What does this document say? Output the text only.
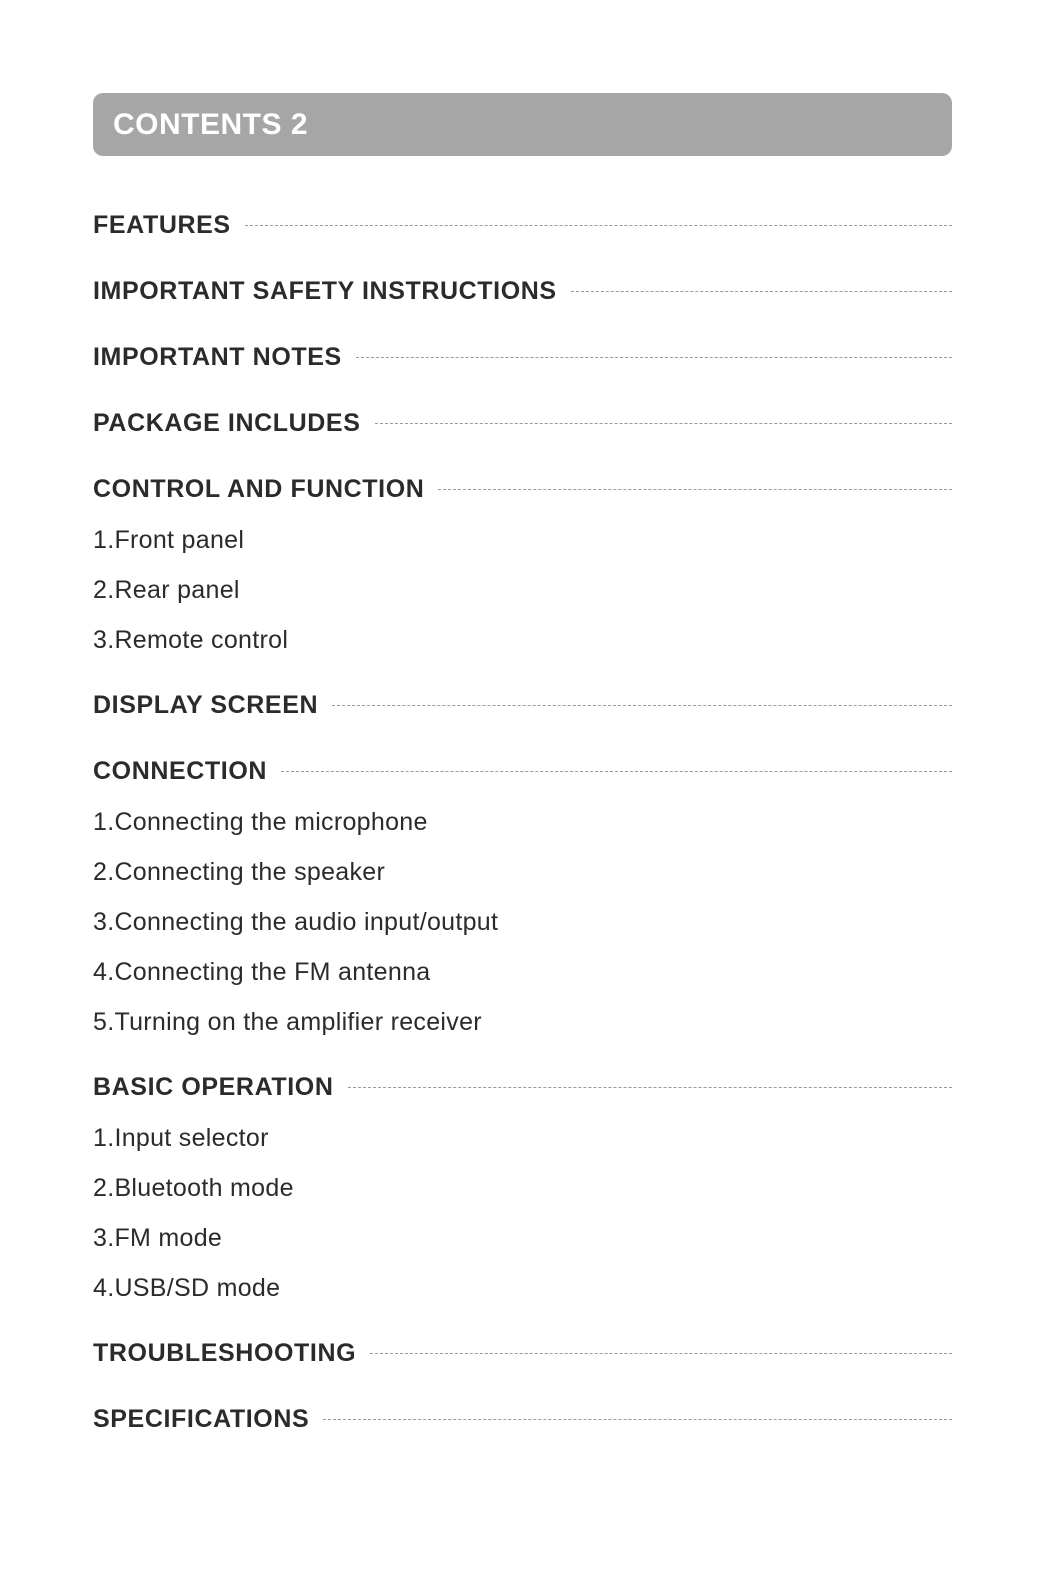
CONTENTS 2
FEATURES
IMPORTANT SAFETY INSTRUCTIONS
IMPORTANT NOTES
PACKAGE INCLUDES
CONTROL AND FUNCTION
1.Front panel
2.Rear panel
3.Remote control
DISPLAY SCREEN
CONNECTION
1.Connecting the microphone
2.Connecting the speaker
3.Connecting the audio input/output
4.Connecting the FM antenna
5.Turning on the amplifier receiver
BASIC OPERATION
1.Input selector
2.Bluetooth mode
3.FM mode
4.USB/SD mode
TROUBLESHOOTING
SPECIFICATIONS
